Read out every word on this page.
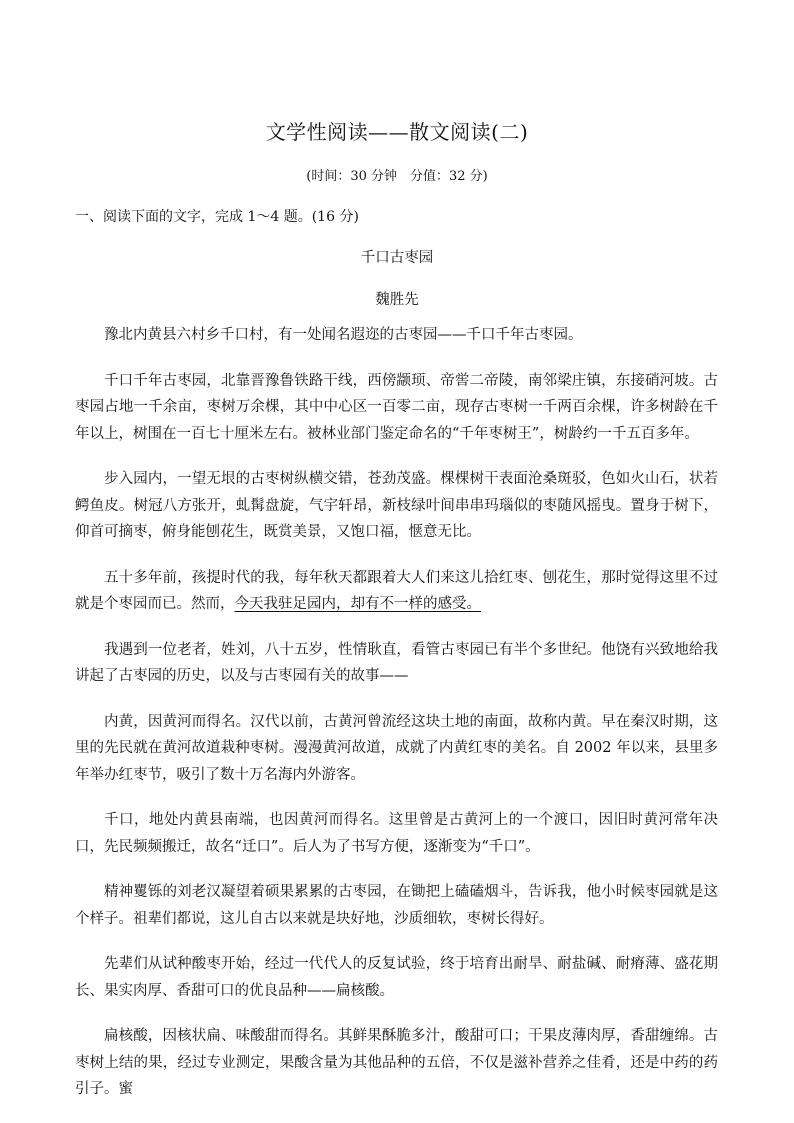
文学性阅读——散文阅读(二)
(时间：30 分钟　分值：32 分)
一、阅读下面的文字，完成 1～4 题。(16 分)
千口古枣园
魏胜先

豫北内黄县六村乡千口村，有一处闻名遐迩的古枣园——千口千年古枣园。

千口千年古枣园，北靠晋豫鲁铁路干线，西傍颛顼、帝喾二帝陵，南邻梁庄镇，东接硝河坡。古枣园占地一千余亩，枣树万余棵，其中中心区一百零二亩，现存古枣树一千两百余棵，许多树龄在千年以上，树围在一百七十厘米左右。被林业部门鉴定命名的“千年枣树王”，树龄约一千五百多年。

步入园内，一望无垠的古枣树纵横交错，苍劲茂盛。棵棵树干表面沧桑斑驳，色如火山石，状若鳄鱼皮。树冠八方张开，虬髯盘旋，气宇轩昂，新枝绿叶间串串玛瑙似的枣随风摇曳。置身于树下，仰首可摘枣，俯身能刨花生，既赏美景，又饱口福，惬意无比。

五十多年前，孩提时代的我，每年秋天都跟着大人们来这儿拾红枣、刨花生，那时觉得这里不过就是个枣园而已。然而，今天我驻足园内，却有不一样的感受。

我遇到一位老者，姓刘，八十五岁，性情耿直，看管古枣园已有半个多世纪。他饶有兴致地给我讲起了古枣园的历史，以及与古枣园有关的故事——

内黄，因黄河而得名。汉代以前，古黄河曾流经这块土地的南面，故称内黄。早在秦汉时期，这里的先民就在黄河故道栽种枣树。漫漫黄河故道，成就了内黄红枣的美名。自 2002 年以来，县里多年举办红枣节，吸引了数十万名海内外游客。

千口，地处内黄县南端，也因黄河而得名。这里曾是古黄河上的一个渡口，因旧时黄河常年决口，先民频频搬迁，故名“迁口”。后人为了书写方便，逐渐变为“千口”。

精神矍铄的刘老汉凝望着硕果累累的古枣园，在锄把上磕磕烟斗，告诉我，他小时候枣园就是这个样子。祖辈们都说，这儿自古以来就是块好地，沙质细软，枣树长得好。

先辈们从试种酸枣开始，经过一代代人的反复试验，终于培育出耐旱、耐盐碱、耐瘠薄、盛花期长、果实肉厚、香甜可口的优良品种——扁核酸。

扁核酸，因核状扁、味酸甜而得名。其鲜果酥脆多汁，酸甜可口；干果皮薄肉厚，香甜缠绵。古枣树上结的果，经过专业测定，果酸含量为其他品种的五倍，不仅是滋补营养之佳肴，还是中药的药引子。蜜
